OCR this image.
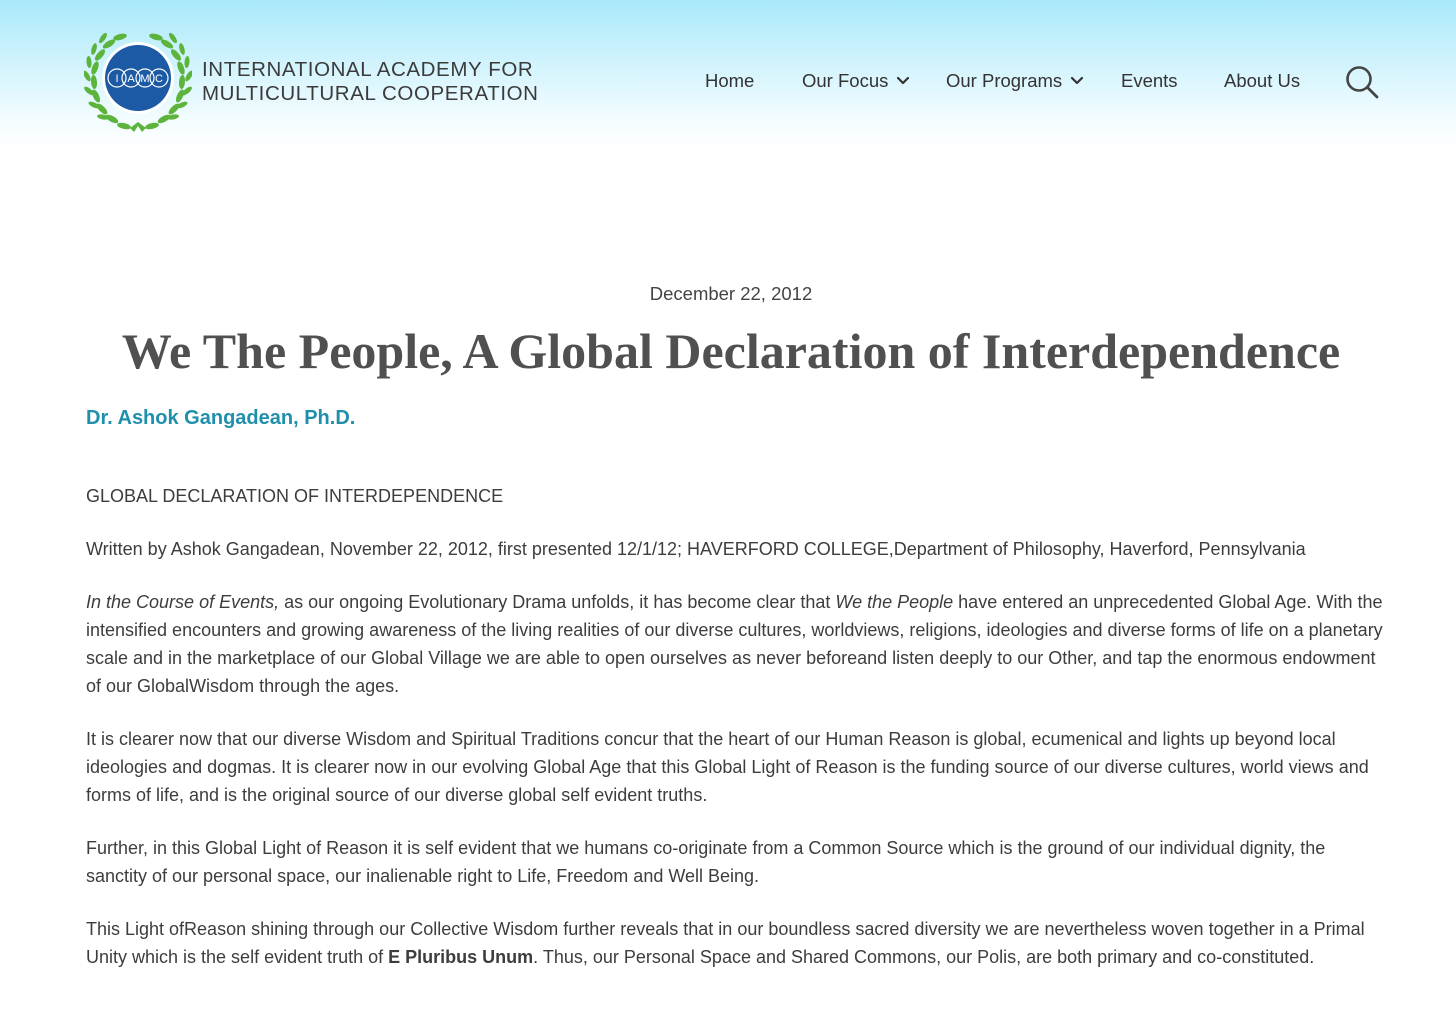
I A M C INTERNATIONAL ACADEMY FOR
MULTICULTURAL COOPERATION
Home	Our Focus	Our Programs	Events	About Us
December 22, 2012
We The People, A Global Declaration of Interdependence
Dr. Ashok Gangadean, Ph.D.

GLOBAL DECLARATION OF INTERDEPENDENCE

Written by Ashok Gangadean, November 22, 2012, first presented 12/1/12; HAVERFORD COLLEGE,Department of Philosophy, Haverford, Pennsylvania

In the Course of Events, as our ongoing Evolutionary Drama unfolds, it has become clear that We the People have entered an unprecedented Global Age. With the intensified encounters and growing awareness of the living realities of our diverse cultures, worldviews, religions, ideologies and diverse forms of life on a planetary scale and in the marketplace of our Global Village we are able to open ourselves as never beforeand listen deeply to our Other, and tap the enormous endowment of our GlobalWisdom through the ages.

It is clearer now that our diverse Wisdom and Spiritual Traditions concur that the heart of our Human Reason is global, ecumenical and lights up beyond local ideologies and dogmas. It is clearer now in our evolving Global Age that this Global Light of Reason is the funding source of our diverse cultures, world views and forms of life, and is the original source of our diverse global self evident truths.

Further, in this Global Light of Reason it is self evident that we humans co-originate from a Common Source which is the ground of our individual dignity, the sanctity of our personal space, our inalienable right to Life, Freedom and Well Being.

This Light ofReason shining through our Collective Wisdom further reveals that in our boundless sacred diversity we are nevertheless woven together in a Primal Unity which is the self evident truth of E Pluribus Unum. Thus, our Personal Space and Shared Commons, our Polis, are both primary and co-constituted.
